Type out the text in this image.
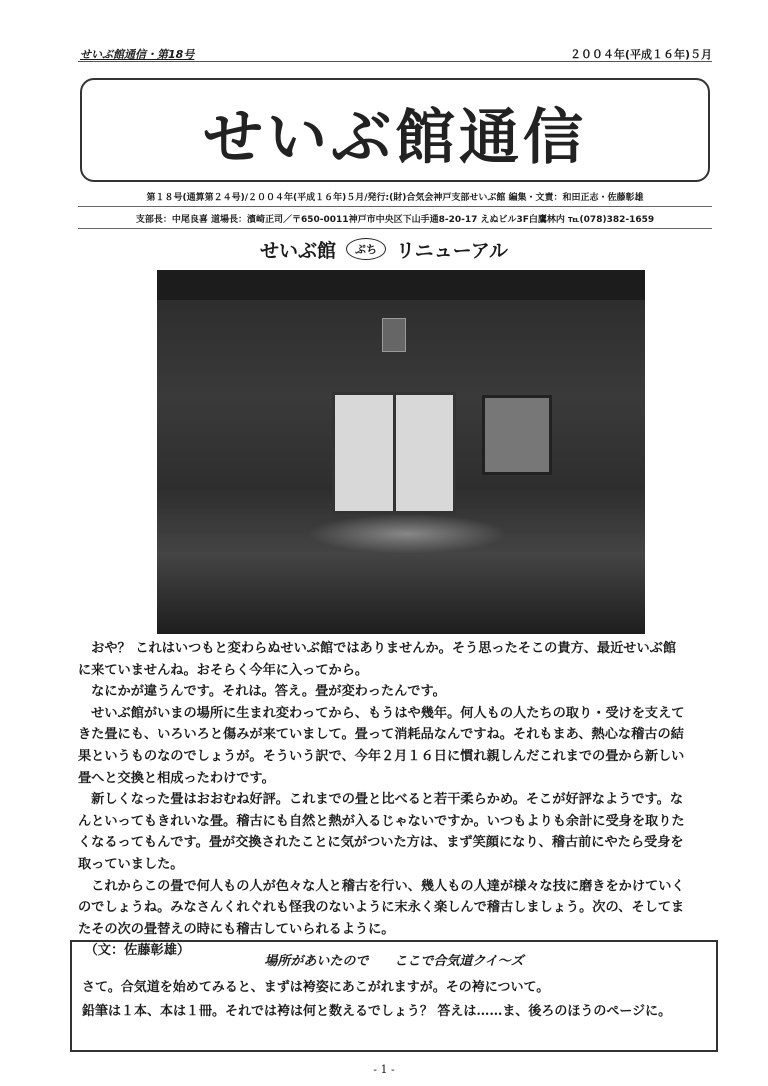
せいぶ館通信・第18号	２００４年(平成１６年)５月
せいぶ館通信
第１８号(通算第２４号)/２００４年(平成１６年)５月/発行:(財)合気会神戸支部せいぶ館 編集・文責：和田正志・佐藤彰雄
支部長：中尾良喜 道場長：濱崎正司／〒650-0011神戸市中央区下山手通8-20-17 えぬビル3F白鷹林内 ℡(078)382-1659
せいぶ館 ぷち リニューアル
　おや？ これはいつもと変わらぬせいぶ館ではありませんか。そう思ったそこの貴方、最近せいぶ館
に来ていませんね。おそらく今年に入ってから。
　なにかが違うんです。それは。答え。畳が変わったんです。
　せいぶ館がいまの場所に生まれ変わってから、もうはや幾年。何人もの人たちの取り・受けを支えて
きた畳にも、いろいろと傷みが来ていまして。畳って消耗品なんですね。それもまあ、熱心な稽古の結
果というものなのでしょうが。そういう訳で、今年２月１６日に慣れ親しんだこれまでの畳から新しい
畳へと交換と相成ったわけです。
　新しくなった畳はおおむね好評。これまでの畳と比べると若干柔らかめ。そこが好評なようです。な
んといってもきれいな畳。稽古にも自然と熱が入るじゃないですか。いつもよりも余計に受身を取りた
くなるってもんです。畳が交換されたことに気がついた方は、まず笑顔になり、稽古前にやたら受身を
取っていました。
　これからこの畳で何人もの人が色々な人と稽古を行い、幾人もの人達が様々な技に磨きをかけていく
のでしょうね。みなさんくれぐれも怪我のないように末永く楽しんで稽古しましょう。次の、そしてま
たその次の畳替えの時にも稽古していられるように。
　（文：佐藤彰雄）
場所があいたので　　ここで合気道クイ～ズ
さて。合気道を始めてみると、まずは袴姿にあこがれますが。その袴について。
鉛筆は１本、本は１冊。それでは袴は何と数えるでしょう？ 答えは……ま、後ろのほうのページに。
- 1 -
